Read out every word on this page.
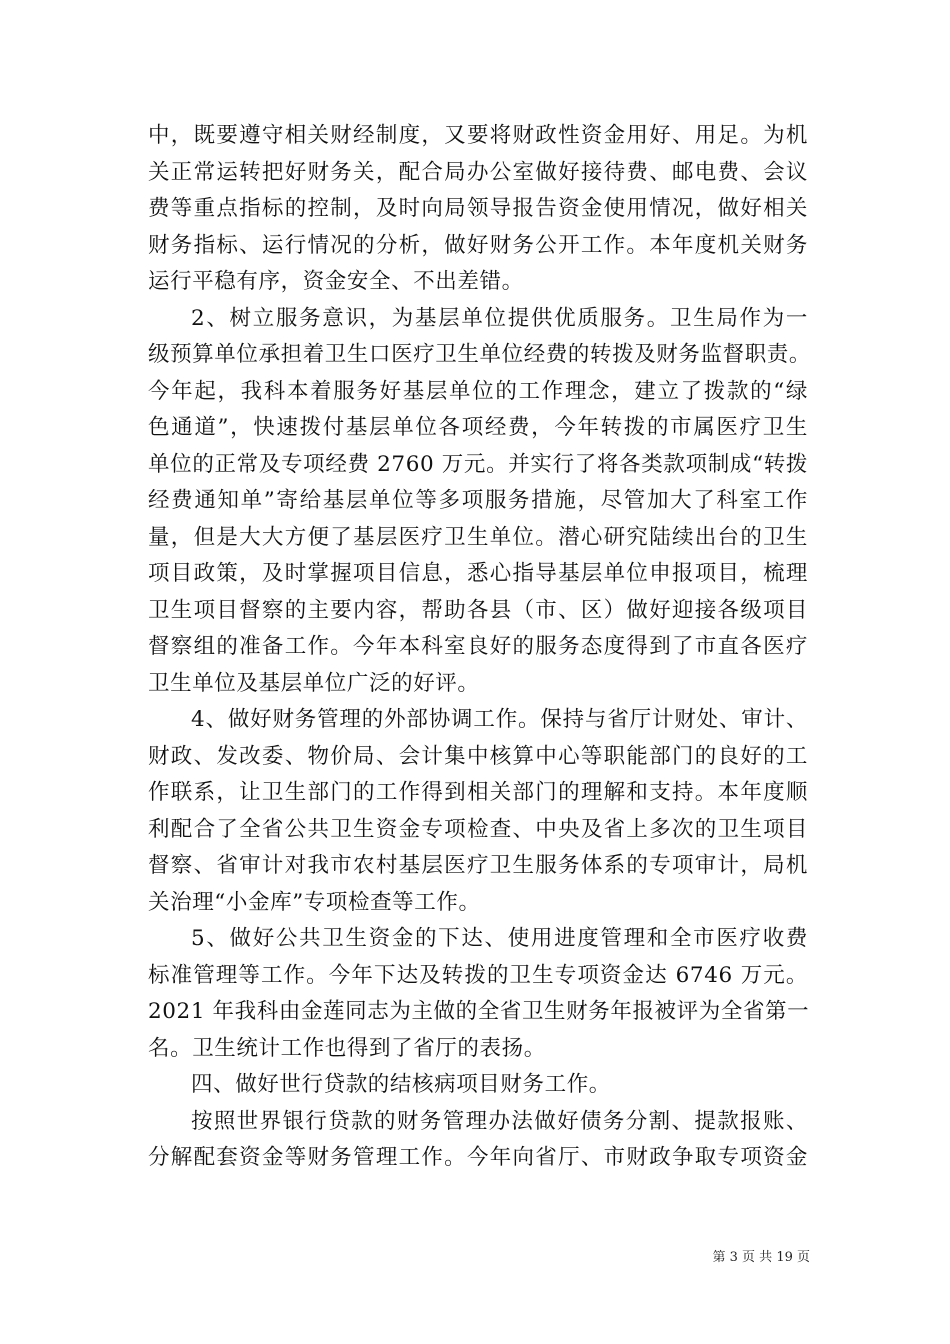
中，既要遵守相关财经制度，又要将财政性资金用好、用足。为机
关正常运转把好财务关，配合局办公室做好接待费、邮电费、会议
费等重点指标的控制，及时向局领导报告资金使用情况，做好相关
财务指标、运行情况的分析，做好财务公开工作。本年度机关财务
运行平稳有序，资金安全、不出差错。
2、树立服务意识，为基层单位提供优质服务。卫生局作为一
级预算单位承担着卫生口医疗卫生单位经费的转拨及财务监督职责。
今年起，我科本着服务好基层单位的工作理念，建立了拨款的“绿
色通道”，快速拨付基层单位各项经费，今年转拨的市属医疗卫生
单位的正常及专项经费 2760 万元。并实行了将各类款项制成“转拨
经费通知单”寄给基层单位等多项服务措施，尽管加大了科室工作
量，但是大大方便了基层医疗卫生单位。潜心研究陆续出台的卫生
项目政策，及时掌握项目信息，悉心指导基层单位申报项目，梳理
卫生项目督察的主要内容，帮助各县（市、区）做好迎接各级项目
督察组的准备工作。今年本科室良好的服务态度得到了市直各医疗
卫生单位及基层单位广泛的好评。
4、做好财务管理的外部协调工作。保持与省厅计财处、审计、
财政、发改委、物价局、会计集中核算中心等职能部门的良好的工
作联系，让卫生部门的工作得到相关部门的理解和支持。本年度顺
利配合了全省公共卫生资金专项检查、中央及省上多次的卫生项目
督察、省审计对我市农村基层医疗卫生服务体系的专项审计，局机
关治理“小金库”专项检查等工作。
5、做好公共卫生资金的下达、使用进度管理和全市医疗收费
标准管理等工作。今年下达及转拨的卫生专项资金达 6746 万元。
2021 年我科由金莲同志为主做的全省卫生财务年报被评为全省第一
名。卫生统计工作也得到了省厅的表扬。
四、做好世行贷款的结核病项目财务工作。
按照世界银行贷款的财务管理办法做好债务分割、提款报账、
分解配套资金等财务管理工作。今年向省厅、市财政争取专项资金
第 3 页 共 19 页
